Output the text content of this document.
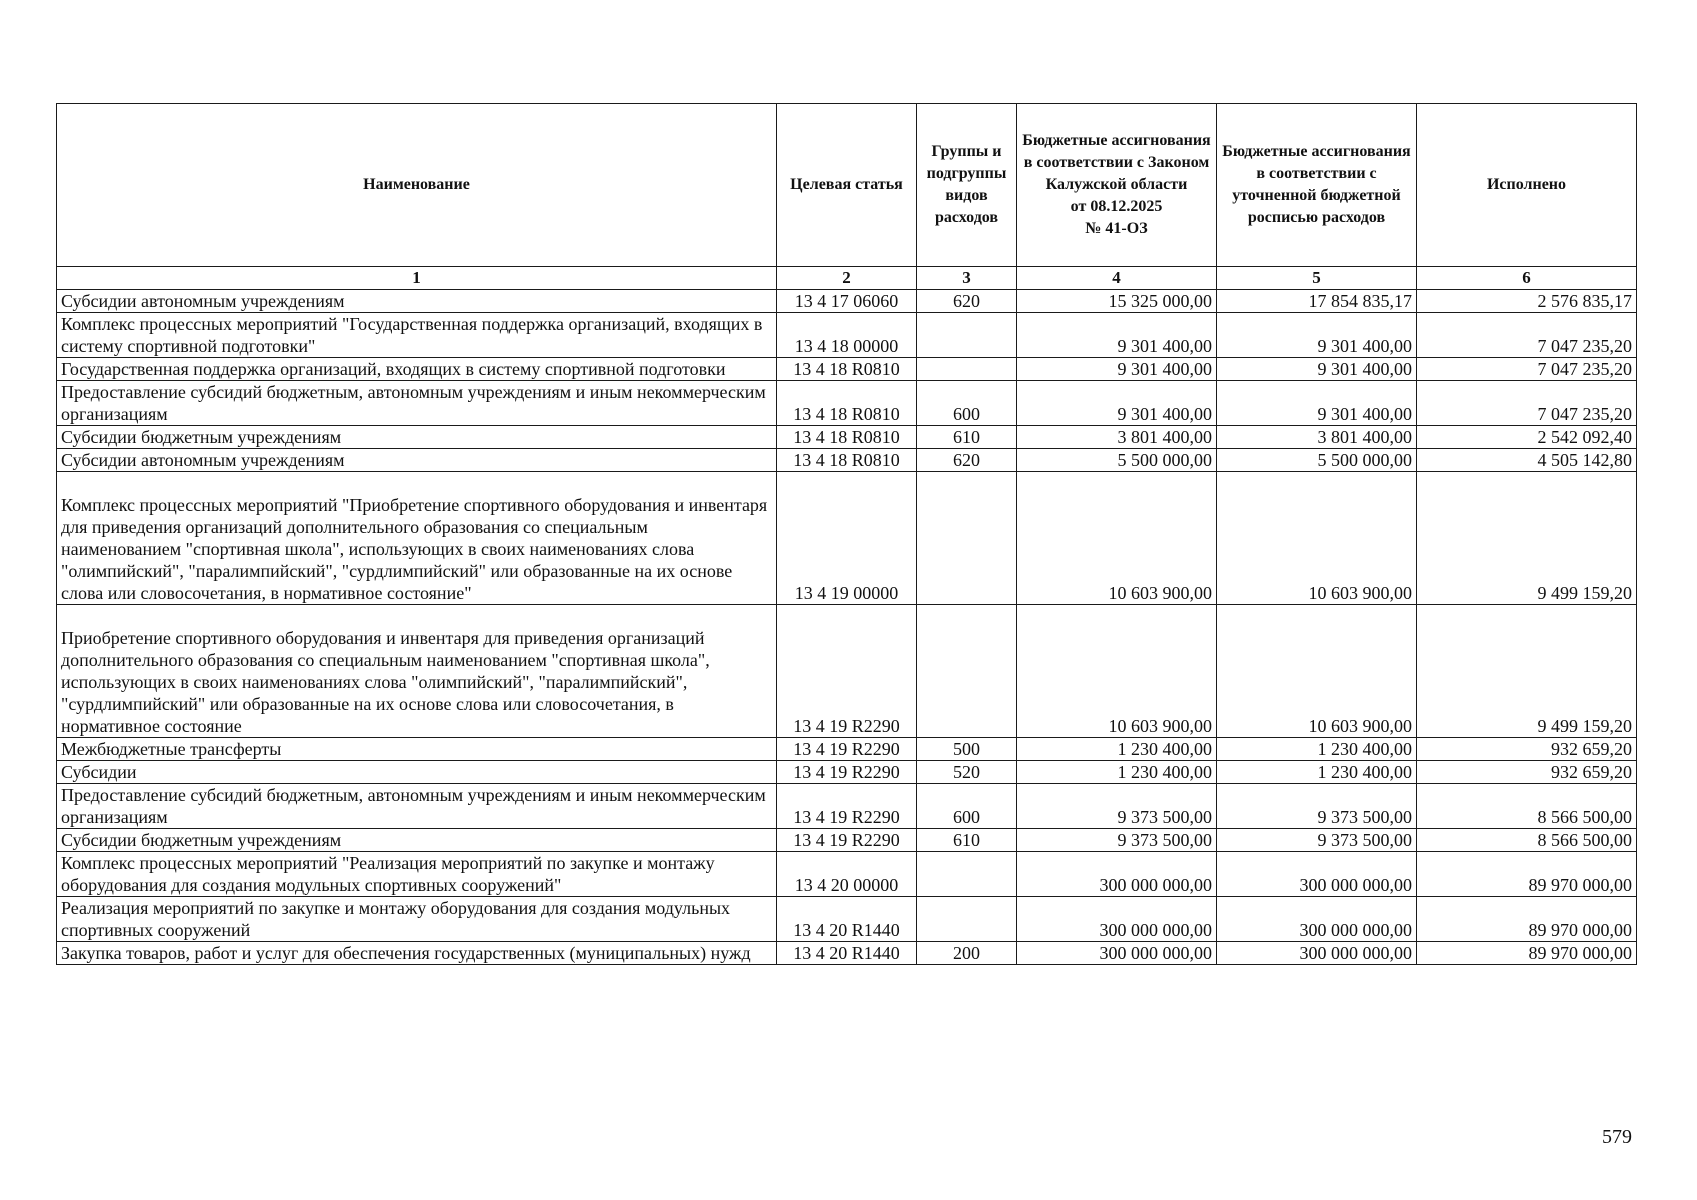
Наименование	Целевая статья	Группы и подгруппы видов расходов	Бюджетные ассигнования в соответствии с Законом Калужской области
от 08.12.2025
№ 41-ОЗ	Бюджетные ассигнования в соответствии с уточненной бюджетной росписью расходов	Исполнено
1	2	3	4	5	6
Субсидии автономным учреждениям	13 4 17 06060	620	15 325 000,00	17 854 835,17	2 576 835,17
Комплекс процессных мероприятий "Государственная поддержка организаций, входящих в систему спортивной подготовки"	13 4 18 00000		9 301 400,00	9 301 400,00	7 047 235,20
Государственная поддержка организаций, входящих в систему спортивной подготовки	13 4 18 R0810		9 301 400,00	9 301 400,00	7 047 235,20
Предоставление субсидий бюджетным, автономным учреждениям и иным некоммерческим организациям	13 4 18 R0810	600	9 301 400,00	9 301 400,00	7 047 235,20
Субсидии бюджетным учреждениям	13 4 18 R0810	610	3 801 400,00	3 801 400,00	2 542 092,40
Субсидии автономным учреждениям	13 4 18 R0810	620	5 500 000,00	5 500 000,00	4 505 142,80
Комплекс процессных мероприятий "Приобретение спортивного оборудования и инвентаря для приведения организаций дополнительного образования со специальным наименованием "спортивная школа", использующих в своих наименованиях слова "олимпийский", "паралимпийский", "сурдлимпийский" или образованные на их основе слова или словосочетания, в нормативное состояние"	13 4 19 00000		10 603 900,00	10 603 900,00	9 499 159,20
Приобретение спортивного оборудования и инвентаря для приведения организаций дополнительного образования со специальным наименованием "спортивная школа", использующих в своих наименованиях слова "олимпийский", "паралимпийский", "сурдлимпийский" или образованные на их основе слова или словосочетания, в нормативное состояние	13 4 19 R2290		10 603 900,00	10 603 900,00	9 499 159,20
Межбюджетные трансферты	13 4 19 R2290	500	1 230 400,00	1 230 400,00	932 659,20
Субсидии	13 4 19 R2290	520	1 230 400,00	1 230 400,00	932 659,20
Предоставление субсидий бюджетным, автономным учреждениям и иным некоммерческим организациям	13 4 19 R2290	600	9 373 500,00	9 373 500,00	8 566 500,00
Субсидии бюджетным учреждениям	13 4 19 R2290	610	9 373 500,00	9 373 500,00	8 566 500,00
Комплекс процессных мероприятий "Реализация мероприятий по закупке и монтажу оборудования для создания модульных спортивных сооружений"	13 4 20 00000		300 000 000,00	300 000 000,00	89 970 000,00
Реализация мероприятий по закупке и монтажу оборудования для создания модульных спортивных сооружений	13 4 20 R1440		300 000 000,00	300 000 000,00	89 970 000,00
Закупка товаров, работ и услуг для обеспечения государственных (муниципальных) нужд	13 4 20 R1440	200	300 000 000,00	300 000 000,00	89 970 000,00
579
